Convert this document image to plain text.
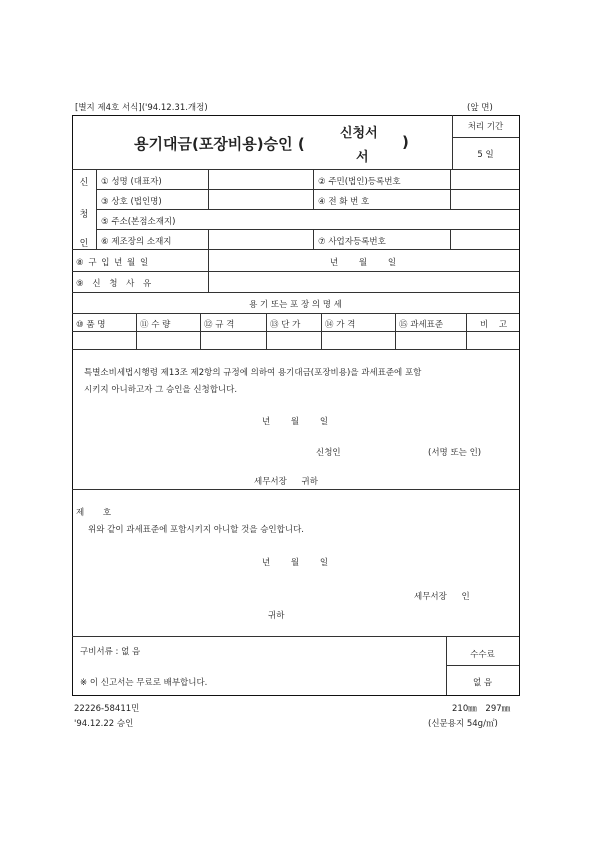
[별지 제4호 서식]('94.12.31.개정)	(앞 면)
용기대금(포장비용)승인 (
신청서
서
)
처리 기간
5 일
신
청
인
① 성명 (대표자)	② 주민(법인)등록번호
③ 상호 (법인명)	④ 전 화 번 호
⑤ 주소(본점소재지)
⑥ 제조장의 소재지	⑦ 사업자등록번호
⑧ 구 입 년 월 일	년 월 일
⑨ 신 청 사 유
용 기 또는 포 장 의 명 세
⑩ 품 명	⑪ 수 량	⑫ 규 격	⑬ 단 가	⑭ 가 격	⑮ 과세표준	비 고
특별소비세법시행령 제13조 제2항의 규정에 의하여 용기대금(포장비용)을 과세표준에 포함
시키지 아니하고자 그 승인을 신청합니다.
년 월 일
신청인	(서명 또는 인)
세무서장 귀하
제 호
위와 같이 과세표준에 포함시키지 아니할 것을 승인합니다.
년 월 일
세무서장 인
귀하
구비서류 : 없 음
※ 이 신고서는 무료로 배부합니다.
수수료
없 음
22226-58411민
'94.12.22 승인
210㎜ 297㎜
(신문용지 54g/㎡)
